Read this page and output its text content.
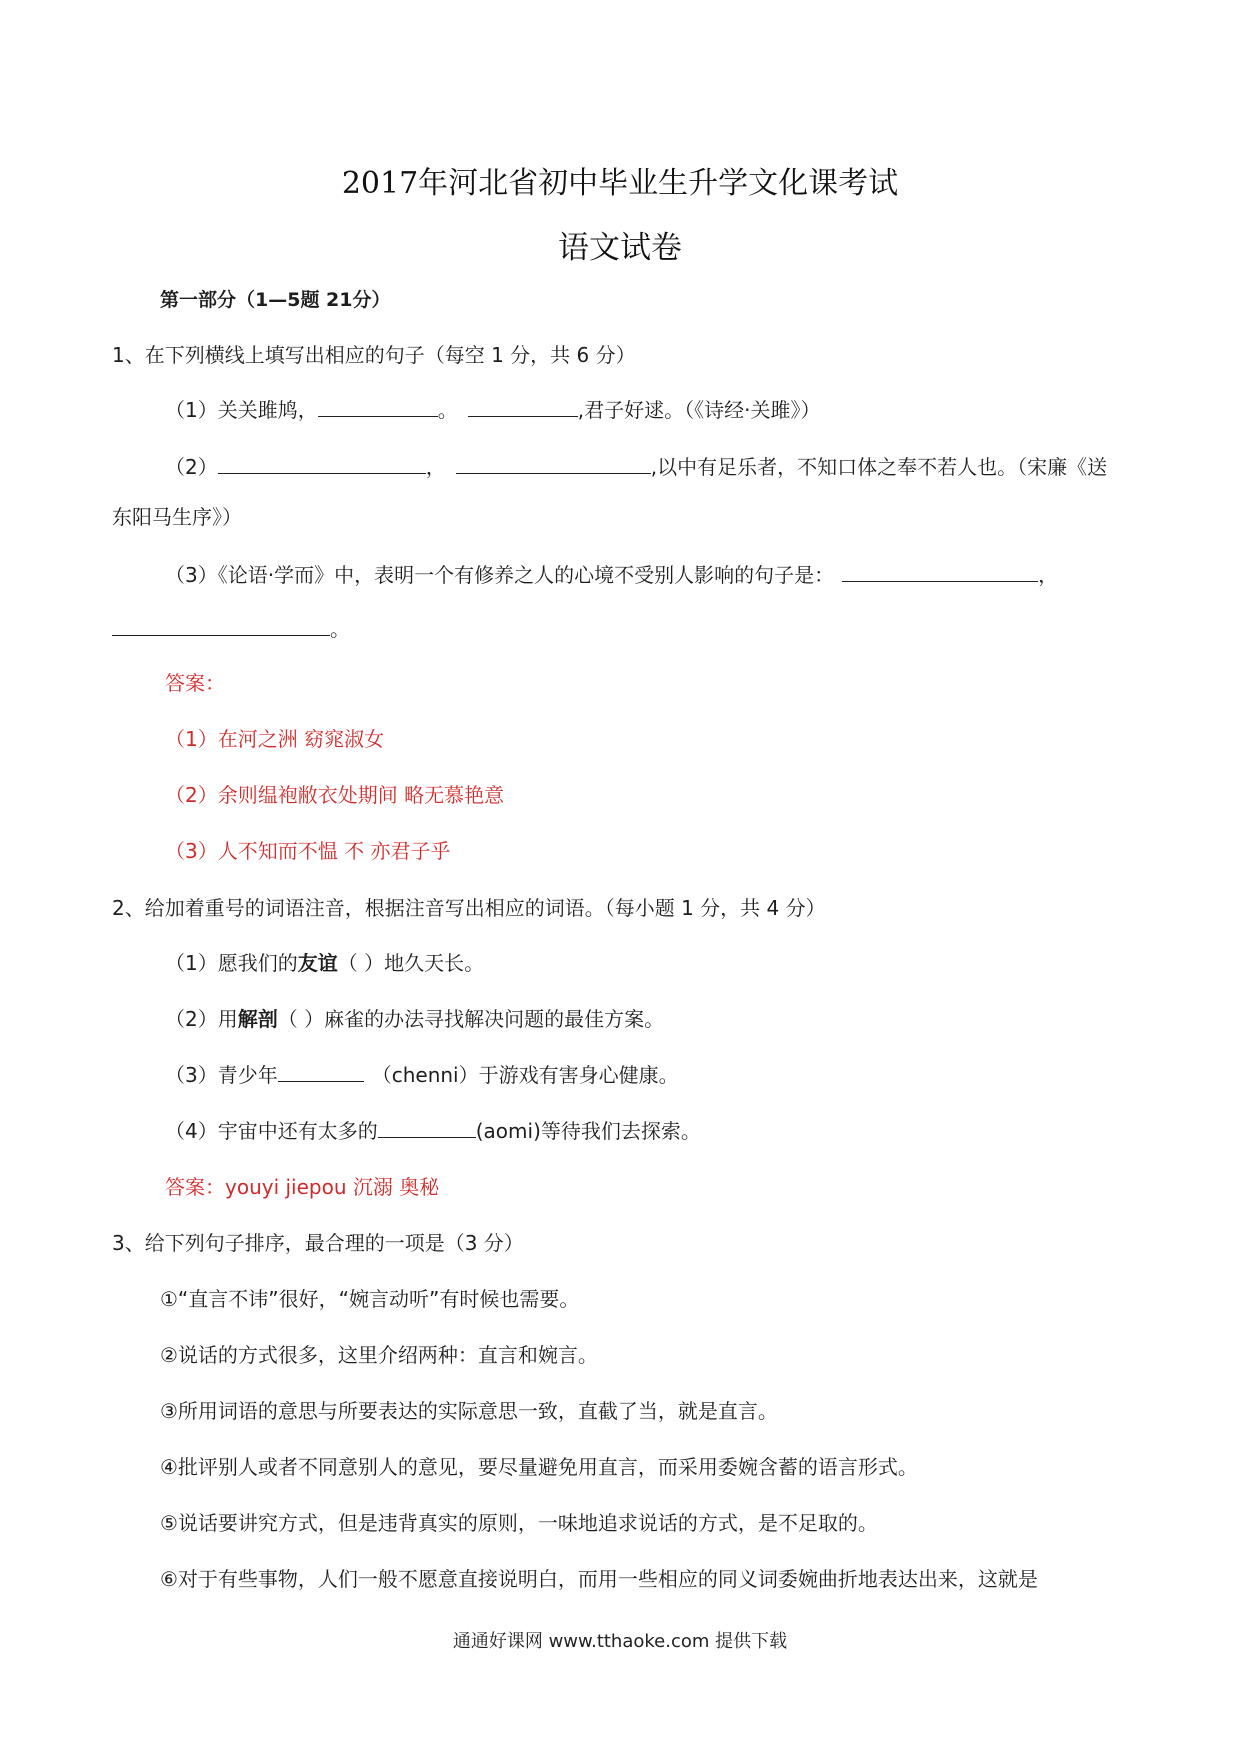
2017年河北省初中毕业生升学文化课考试
语文试卷
第一部分（1—5题 21分）
1、在下列横线上填写出相应的句子（每空 1 分，共 6 分）
（1）关关雎鸠，	。	,君子好逑。（《诗经·关雎》）
（2）	，	,以中有足乐者，不知口体之奉不若人也。（宋廉《送
东阳马生序》）
（3）《论语·学而》中，表明一个有修养之人的心境不受别人影响的句子是：	，
。
答案：
（1）在河之洲 窈窕淑女
（2）余则缊袍敝衣处期间 略无慕艳意
（3）人不知而不愠 不 亦君子乎
2、给加着重号的词语注音，根据注音写出相应的词语。（每小题 1 分，共 4 分）
（1）愿我们的友谊（ ）地久天长。
（2）用解剖（ ）麻雀的办法寻找解决问题的最佳方案。
（3）青少年	（chenni）于游戏有害身心健康。
（4）宇宙中还有太多的	(aomi)等待我们去探索。
答案：youyi jiepou 沉溺 奥秘
3、给下列句子排序，最合理的一项是（3 分）
①“直言不讳”很好，“婉言动听”有时候也需要。
②说话的方式很多，这里介绍两种：直言和婉言。
③所用词语的意思与所要表达的实际意思一致，直截了当，就是直言。
④批评别人或者不同意别人的意见，要尽量避免用直言，而采用委婉含蓄的语言形式。
⑤说话要讲究方式，但是违背真实的原则，一味地追求说话的方式，是不足取的。
⑥对于有些事物，人们一般不愿意直接说明白，而用一些相应的同义词委婉曲折地表达出来，这就是
通通好课网 www.tthaoke.com 提供下载
